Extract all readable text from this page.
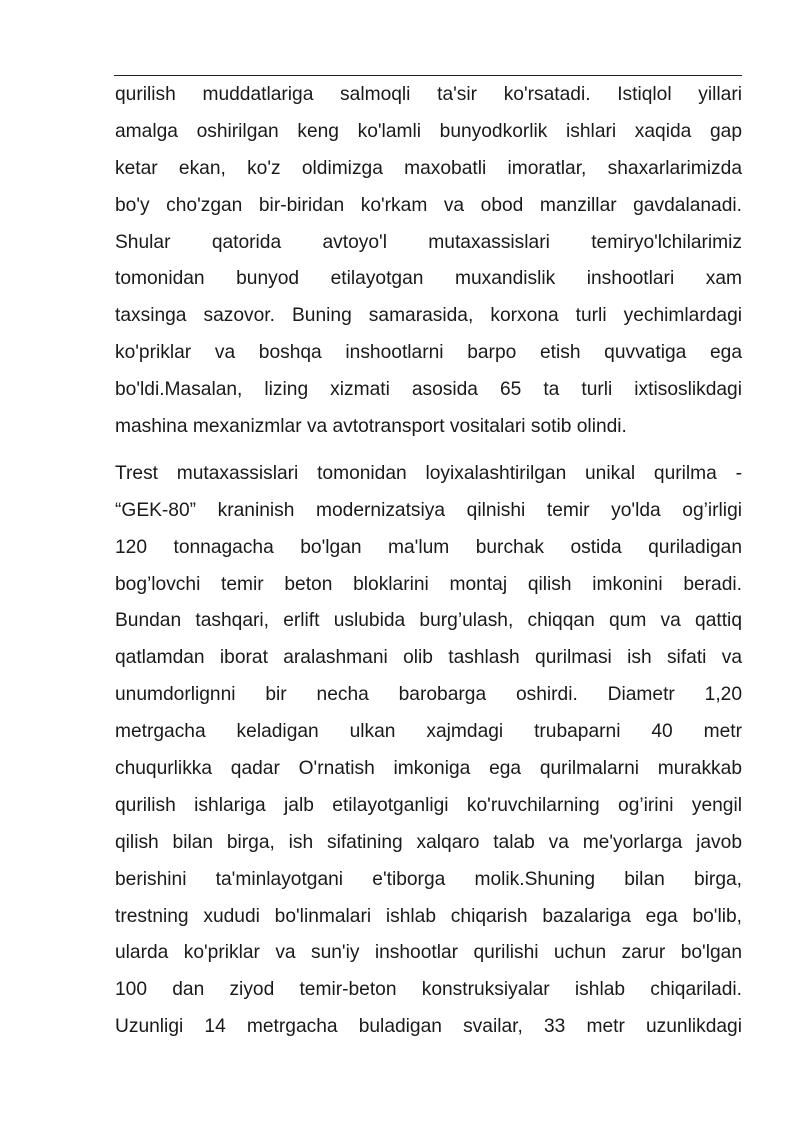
qurilish muddatlariga salmoqli ta'sir ko'rsatadi. Istiqlol yillari
amalga oshirilgan keng ko'lamli bunyodkorlik ishlari xaqida gap
ketar ekan, ko'z oldimizga maxobatli imoratlar, shaxarlarimizda
bo'y cho'zgan bir-biridan ko'rkam va obod manzillar gavdalanadi.
Shular qatorida avtoyo'l mutaxassislari temiryo'lchilarimiz
tomonidan bunyod etilayotgan muxandislik inshootlari xam
taxsinga sazovor. Buning samarasida, korxona turli yechimlardagi
ko'priklar va boshqa inshootlarni barpo etish quvvatiga ega
bo'ldi.Masalan, lizing xizmati asosida 65 ta turli ixtisoslikdagi
mashina mexanizmlar va avtotransport vositalari sotib olindi.
Trest mutaxassislari tomonidan loyixalashtirilgan unikal qurilma -
“GEK-80” kraninish modernizatsiya qilnishi temir yo'lda og’irligi
120 tonnagacha bo'lgan ma'lum burchak ostida quriladigan
bog’lovchi temir beton bloklarini montaj qilish imkonini beradi.
Bundan tashqari, erlift uslubida burg’ulash, chiqqan qum va qattiq
qatlamdan iborat aralashmani olib tashlash qurilmasi ish sifati va
unumdorlignni bir necha barobarga oshirdi. Diametr 1,20
metrgacha keladigan ulkan xajmdagi trubaparni 40 metr
chuqurlikka qadar O'rnatish imkoniga ega qurilmalarni murakkab
qurilish ishlariga jalb etilayotganligi ko'ruvchilarning og’irini yengil
qilish bilan birga, ish sifatining xalqaro talab va me'yorlarga javob
berishini ta'minlayotgani e'tiborga molik.Shuning bilan birga,
trestning xududi bo'linmalari ishlab chiqarish bazalariga ega bo'lib,
ularda ko'priklar va sun'iy inshootlar qurilishi uchun zarur bo'lgan
100 dan ziyod temir-beton konstruksiyalar ishlab chiqariladi.
Uzunligi 14 metrgacha buladigan svailar, 33 metr uzunlikdagi
